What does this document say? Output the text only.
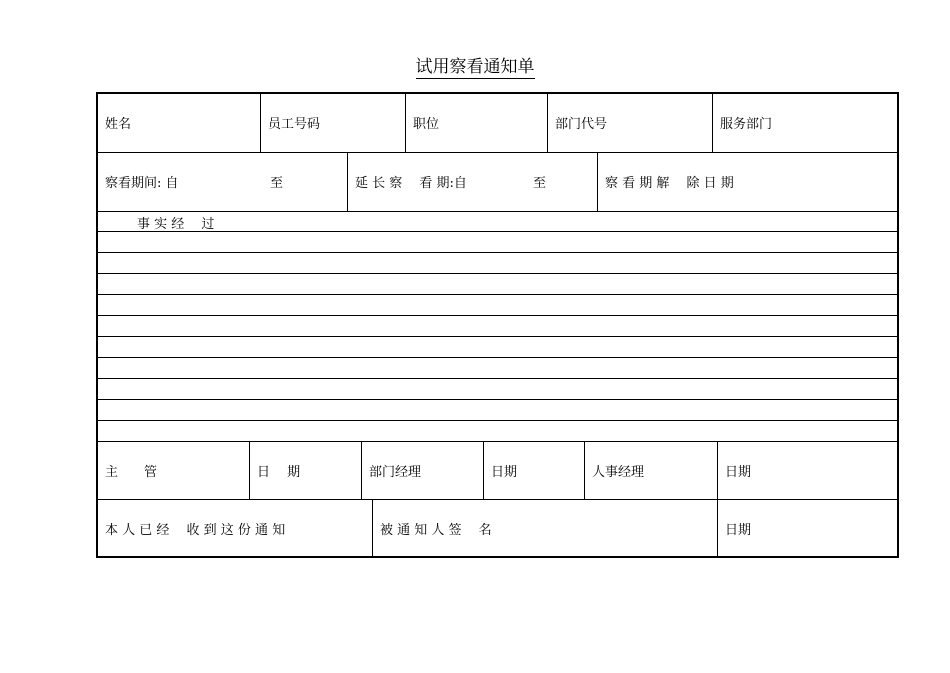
试用察看通知单
姓名	员工号码	职位	部门代号	服务部门
察看期间: 自	至	延 长 察　 看 期:自	至	察 看 期 解　 除 日 期
事 实 经　 过
主　　管	日　 期	部门经理	日期	人事经理	日期
本 人 已 经　 收 到 这 份 通 知	被 通 知 人 签　 名	日期
